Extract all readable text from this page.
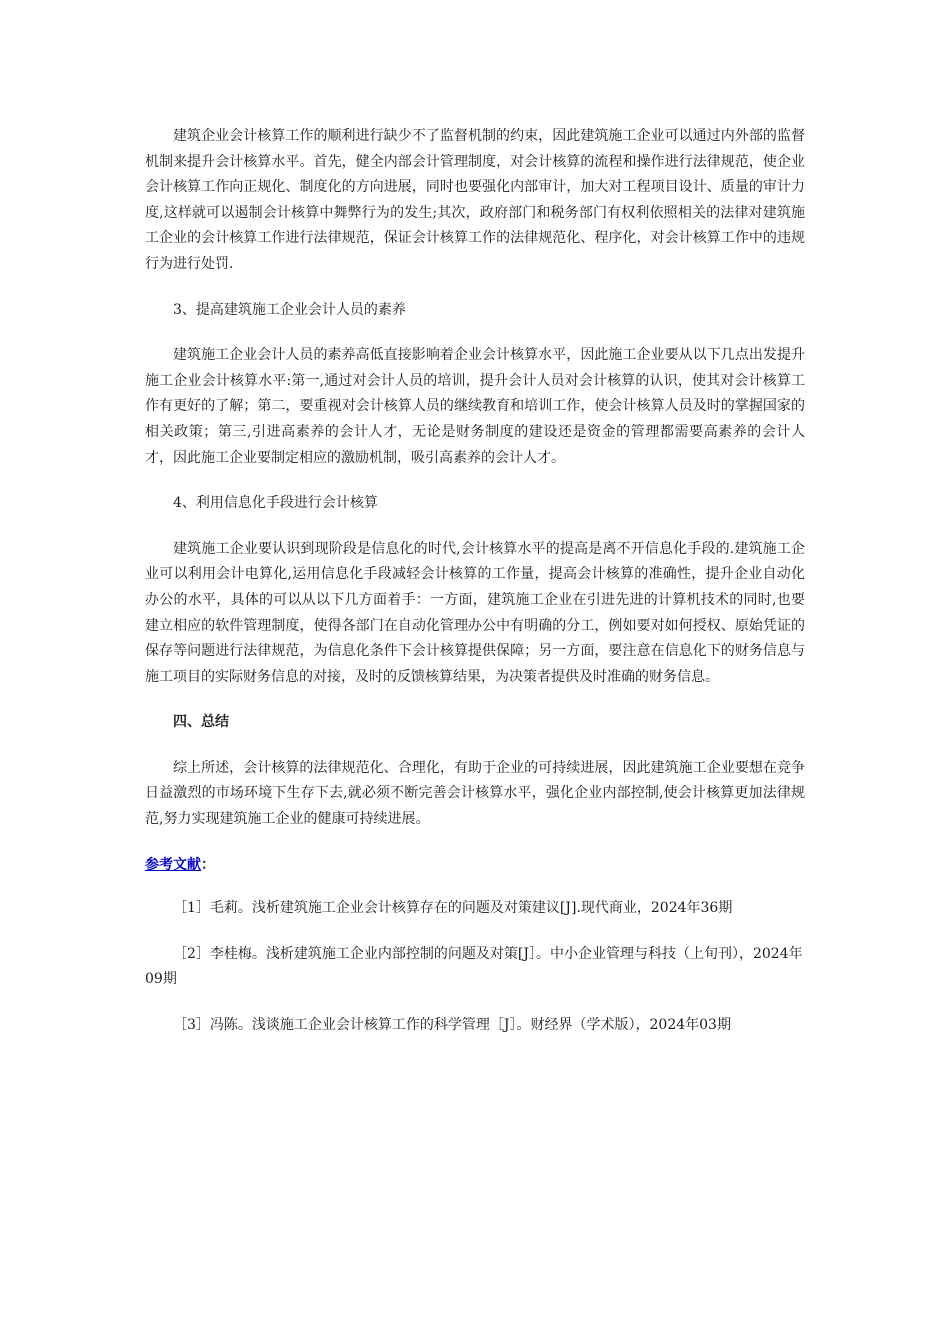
建筑企业会计核算工作的顺利进行缺少不了监督机制的约束，因此建筑施工企业可以通过内外部的监督机制来提升会计核算水平。首先，健全内部会计管理制度，对会计核算的流程和操作进行法律规范，使企业会计核算工作向正规化、制度化的方向进展，同时也要强化内部审计，加大对工程项目设计、质量的审计力度,这样就可以遏制会计核算中舞弊行为的发生;其次，政府部门和税务部门有权利依照相关的法律对建筑施工企业的会计核算工作进行法律规范，保证会计核算工作的法律规范化、程序化，对会计核算工作中的违规行为进行处罚.

3、提高建筑施工企业会计人员的素养

建筑施工企业会计人员的素养高低直接影响着企业会计核算水平，因此施工企业要从以下几点出发提升施工企业会计核算水平:第一,通过对会计人员的培训，提升会计人员对会计核算的认识，使其对会计核算工作有更好的了解；第二，要重视对会计核算人员的继续教育和培训工作，使会计核算人员及时的掌握国家的相关政策；第三,引进高素养的会计人才，无论是财务制度的建设还是资金的管理都需要高素养的会计人才，因此施工企业要制定相应的激励机制，吸引高素养的会计人才。

4、利用信息化手段进行会计核算

建筑施工企业要认识到现阶段是信息化的时代,会计核算水平的提高是离不开信息化手段的.建筑施工企业可以利用会计电算化,运用信息化手段减轻会计核算的工作量，提高会计核算的准确性，提升企业自动化办公的水平，具体的可以从以下几方面着手：一方面，建筑施工企业在引进先进的计算机技术的同时,也要建立相应的软件管理制度，使得各部门在自动化管理办公中有明确的分工，例如要对如何授权、原始凭证的保存等问题进行法律规范，为信息化条件下会计核算提供保障；另一方面，要注意在信息化下的财务信息与施工项目的实际财务信息的对接，及时的反馈核算结果，为决策者提供及时准确的财务信息。

四、总结

综上所述，会计核算的法律规范化、合理化，有助于企业的可持续进展，因此建筑施工企业要想在竞争日益激烈的市场环境下生存下去,就必须不断完善会计核算水平，强化企业内部控制,使会计核算更加法律规范,努力实现建筑施工企业的健康可持续进展。

参考文献：

［1］毛莉。浅析建筑施工企业会计核算存在的问题及对策建议[J].现代商业，2024年36期

［2］李桂梅。浅析建筑施工企业内部控制的问题及对策[J］。中小企业管理与科技（上旬刊），2024年09期

［3］冯陈。浅谈施工企业会计核算工作的科学管理［J］。财经界（学术版），2024年03期
